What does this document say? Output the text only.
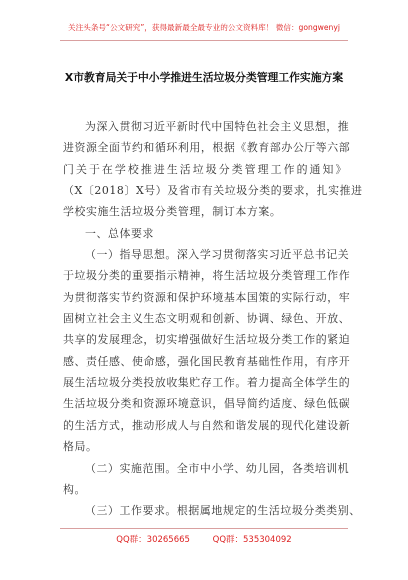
关注头条号“公文研究”，获得最新最全最专业的公文资料库！ 微信：gongwenyj
X市教育局关于中小学推进生活垃圾分类管理工作实施方案
为深入贯彻习近平新时代中国特色社会主义思想，推
进资源全面节约和循环利用，根据《教育部办公厅等六部
门关于在学校推进生活垃圾分类管理工作的通知》
（X〔2018〕X号）及省市有关垃圾分类的要求，扎实推进
学校实施生活垃圾分类管理，制订本方案。
一、总体要求
（一）指导思想。深入学习贯彻落实习近平总书记关
于垃圾分类的重要指示精神，将生活垃圾分类管理工作作
为贯彻落实节约资源和保护环境基本国策的实际行动，牢
固树立社会主义生态文明观和创新、协调、绿色、开放、
共享的发展理念，切实增强做好生活垃圾分类工作的紧迫
感、责任感、使命感，强化国民教育基础性作用，有序开
展生活垃圾分类投放收集贮存工作。着力提高全体学生的
生活垃圾分类和资源环境意识，倡导简约适度、绿色低碳
的生活方式，推动形成人与自然和谐发展的现代化建设新
格局。
（二）实施范围。全市中小学、幼儿园，各类培训机
构。
（三）工作要求。根据属地规定的生活垃圾分类类别、
QQ群：30265665	QQ群：535304092
